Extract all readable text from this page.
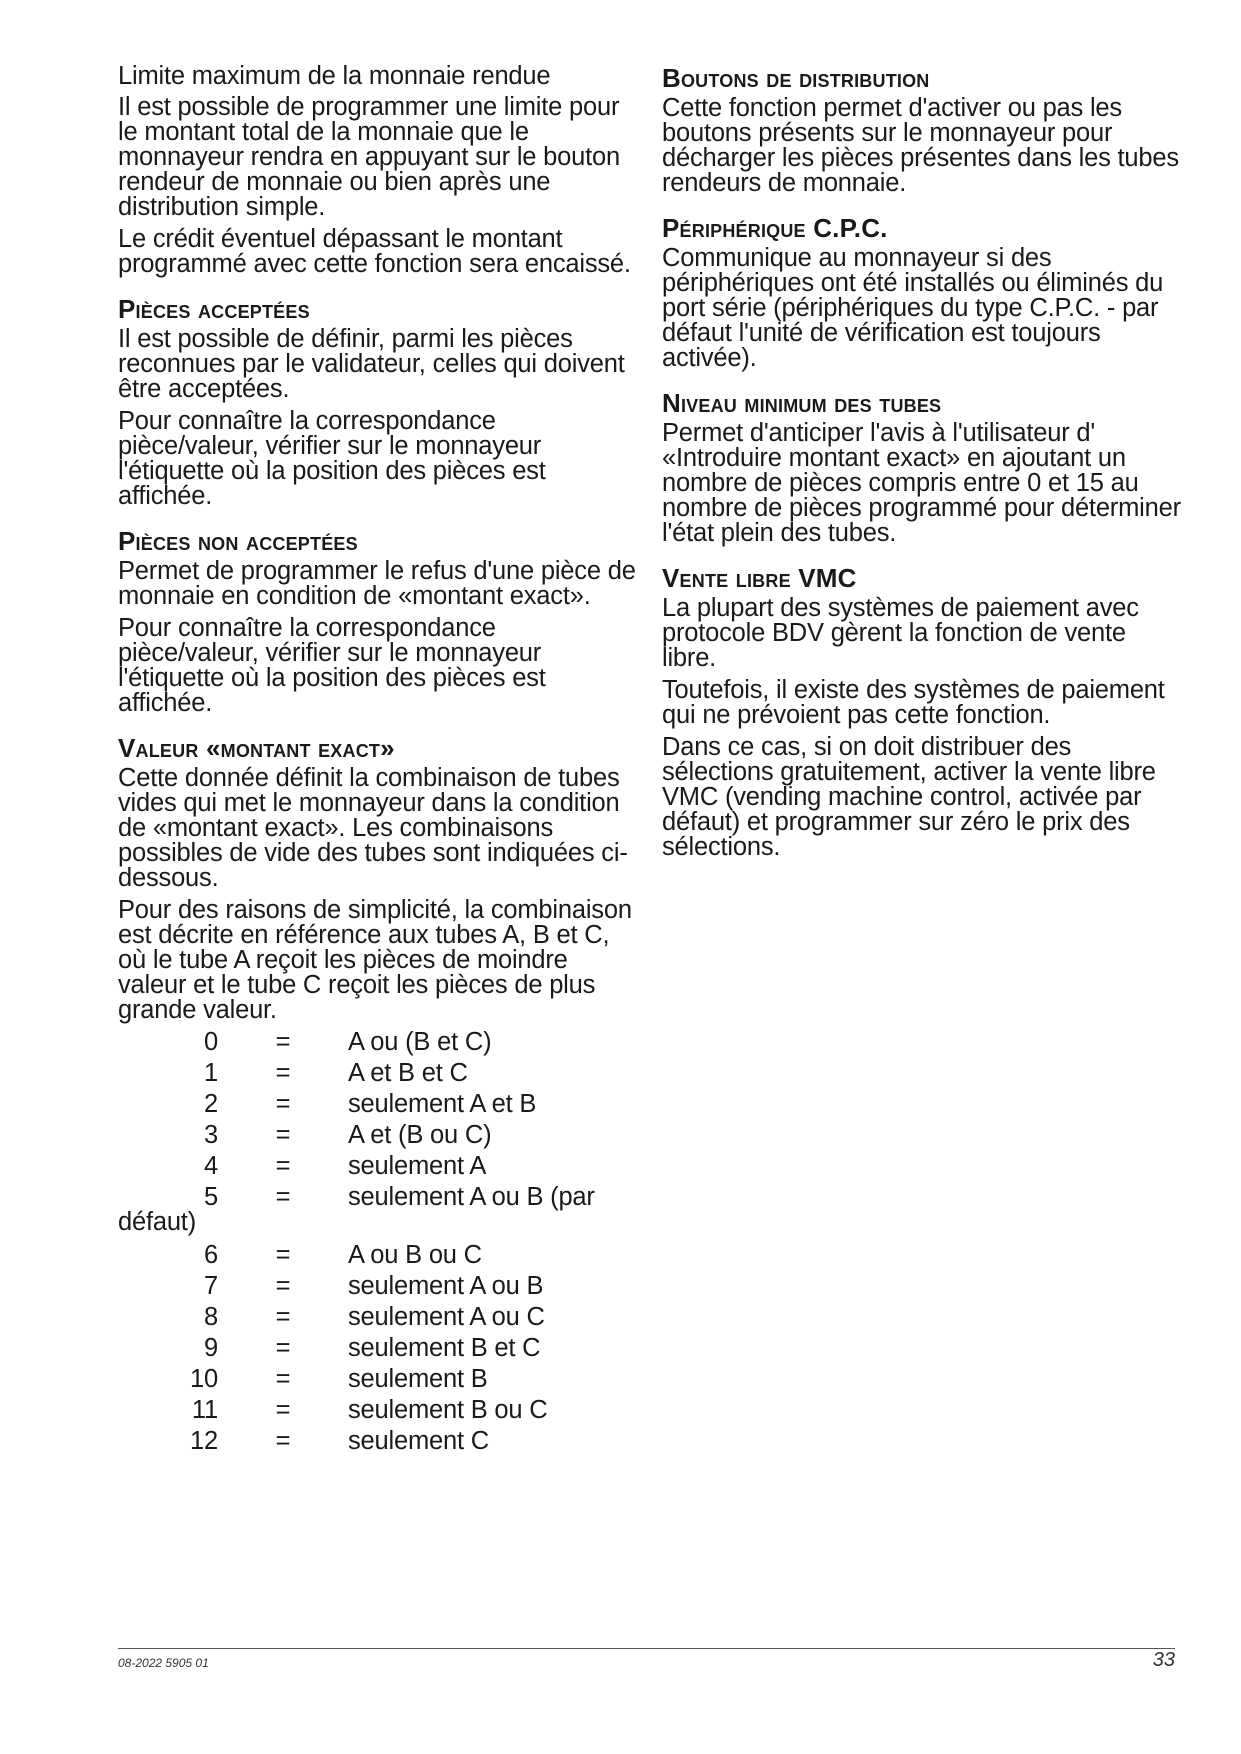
Limite maximum de la monnaie rendue

Il est possible de programmer une limite pour le montant total de la monnaie que le monnayeur rendra en appuyant sur le bouton rendeur de monnaie ou bien après une distribution simple.

Le crédit éventuel dépassant le montant programmé avec cette fonction sera encaissé.

Pièces acceptées

Il est possible de définir, parmi les pièces reconnues par le validateur, celles qui doivent être acceptées.

Pour connaître la correspondance pièce/valeur, vérifier sur le monnayeur l'étiquette où la position des pièces est affichée.

Pièces non acceptées

Permet de programmer le refus d'une pièce de monnaie en condition de «montant exact».

Pour connaître la correspondance pièce/valeur, vérifier sur le monnayeur l'étiquette où la position des pièces est affichée.

Valeur «montant exact»

Cette donnée définit la combinaison de tubes vides qui met le monnayeur dans la condition de «montant exact». Les combinaisons possibles de vide des tubes sont indiquées ci- dessous.

Pour des raisons de simplicité, la combinaison est décrite en référence aux tubes A, B et C, où le tube A reçoit les pièces de moindre valeur et le tube C reçoit les pièces de plus grande valeur.

0	=	A ou (B et C)
1	=	A et B et C
2	=	seulement A et B
3	=	A et (B ou C)
4	=	seulement A
5	=	seulement A ou B (par

défaut)

6	=	A ou B ou C
7	=	seulement A ou B
8	=	seulement A ou C
9	=	seulement B et C
10	=	seulement B
11	=	seulement B ou C
12	=	seulement C

Boutons de distribution

Cette fonction permet d'activer ou pas les boutons présents sur le monnayeur pour décharger les pièces présentes dans les tubes rendeurs de monnaie.

Périphérique C.P.C.

Communique au monnayeur si des périphériques ont été installés ou éliminés du port série (périphériques du type C.P.C. - par défaut l'unité de vérification est toujours activée).

Niveau minimum des tubes

Permet d'anticiper l'avis à l'utilisateur d' «Introduire montant exact» en ajoutant un nombre de pièces compris entre 0 et 15 au nombre de pièces programmé pour déterminer l'état plein des tubes.

Vente libre VMC

La plupart des systèmes de paiement avec protocole BDV gèrent la fonction de vente libre.

Toutefois, il existe des systèmes de paiement qui ne prévoient pas cette fonction.

Dans ce cas, si on doit distribuer des sélections gratuitement, activer la vente libre VMC (vending machine control, activée par défaut) et programmer sur zéro le prix des sélections.

08-2022 5905 01	33
